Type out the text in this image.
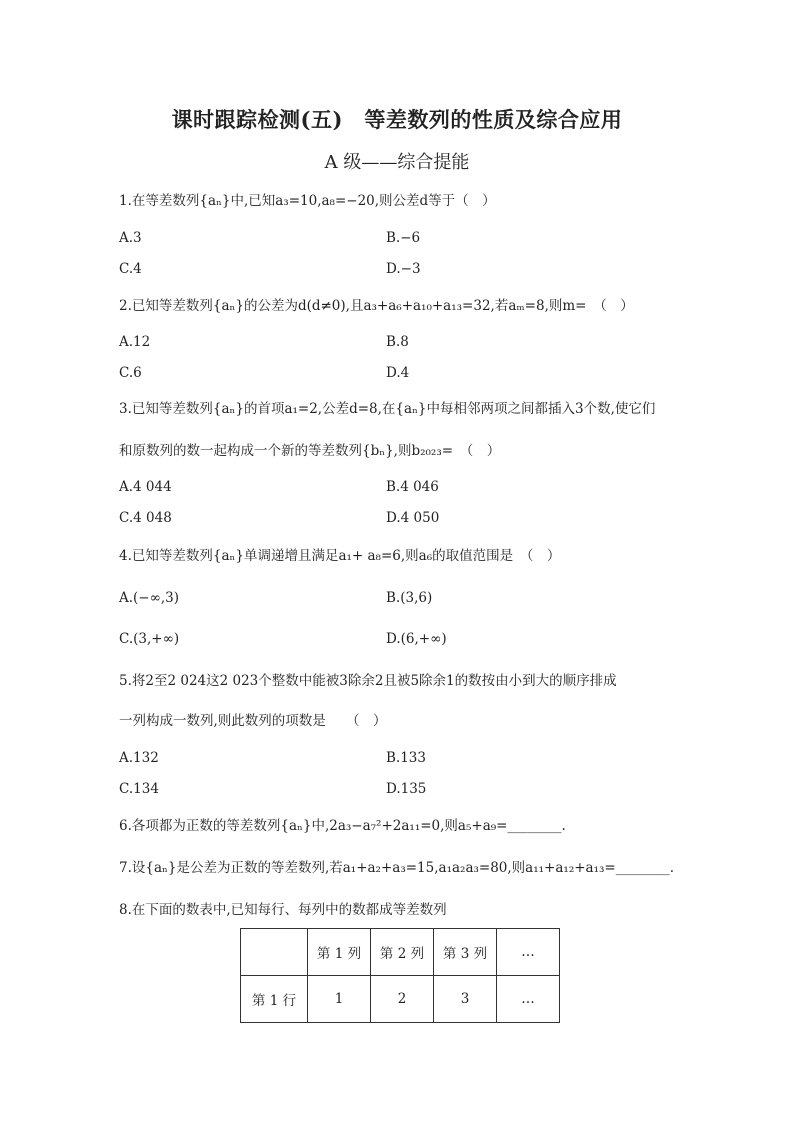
课时跟踪检测(五)　等差数列的性质及综合应用
A 级——综合提能
1.在等差数列{aₙ}中,已知a₃=10,a₈=−20,则公差d等于（　）
A.3	B.−6
C.4	D.−3
2.已知等差数列{aₙ}的公差为d(d≠0),且a₃+a₆+a₁₀+a₁₃=32,若aₘ=8,则m=　（　）
A.12	B.8
C.6	D.4
3.已知等差数列{aₙ}的首项a₁=2,公差d=8,在{aₙ}中每相邻两项之间都插入3个数,使它们
和原数列的数一起构成一个新的等差数列{bₙ},则b₂₀₂₃=　（　）
A.4 044	B.4 046
C.4 048	D.4 050
4.已知等差数列{aₙ}单调递增且满足a₁+ a₈=6,则a₆的取值范围是　（　）
A.(−∞,3)	B.(3,6)
C.(3,+∞)	D.(6,+∞)
5.将2至2 024这2 023个整数中能被3除余2且被5除余1的数按由小到大的顺序排成
一列构成一数列,则此数列的项数是　　（　）
A.132	B.133
C.134	D.135
6.各项都为正数的等差数列{aₙ}中,2a₃−a₇²+2a₁₁=0,则a₅+a₉=________.
7.设{aₙ}是公差为正数的等差数列,若a₁+a₂+a₃=15,a₁a₂a₃=80,则a₁₁+a₁₂+a₁₃=________.
8.在下面的数表中,已知每行、每列中的数都成等差数列
	第 1 列	第 2 列	第 3 列	…
第 1 行	1	2	3	…
